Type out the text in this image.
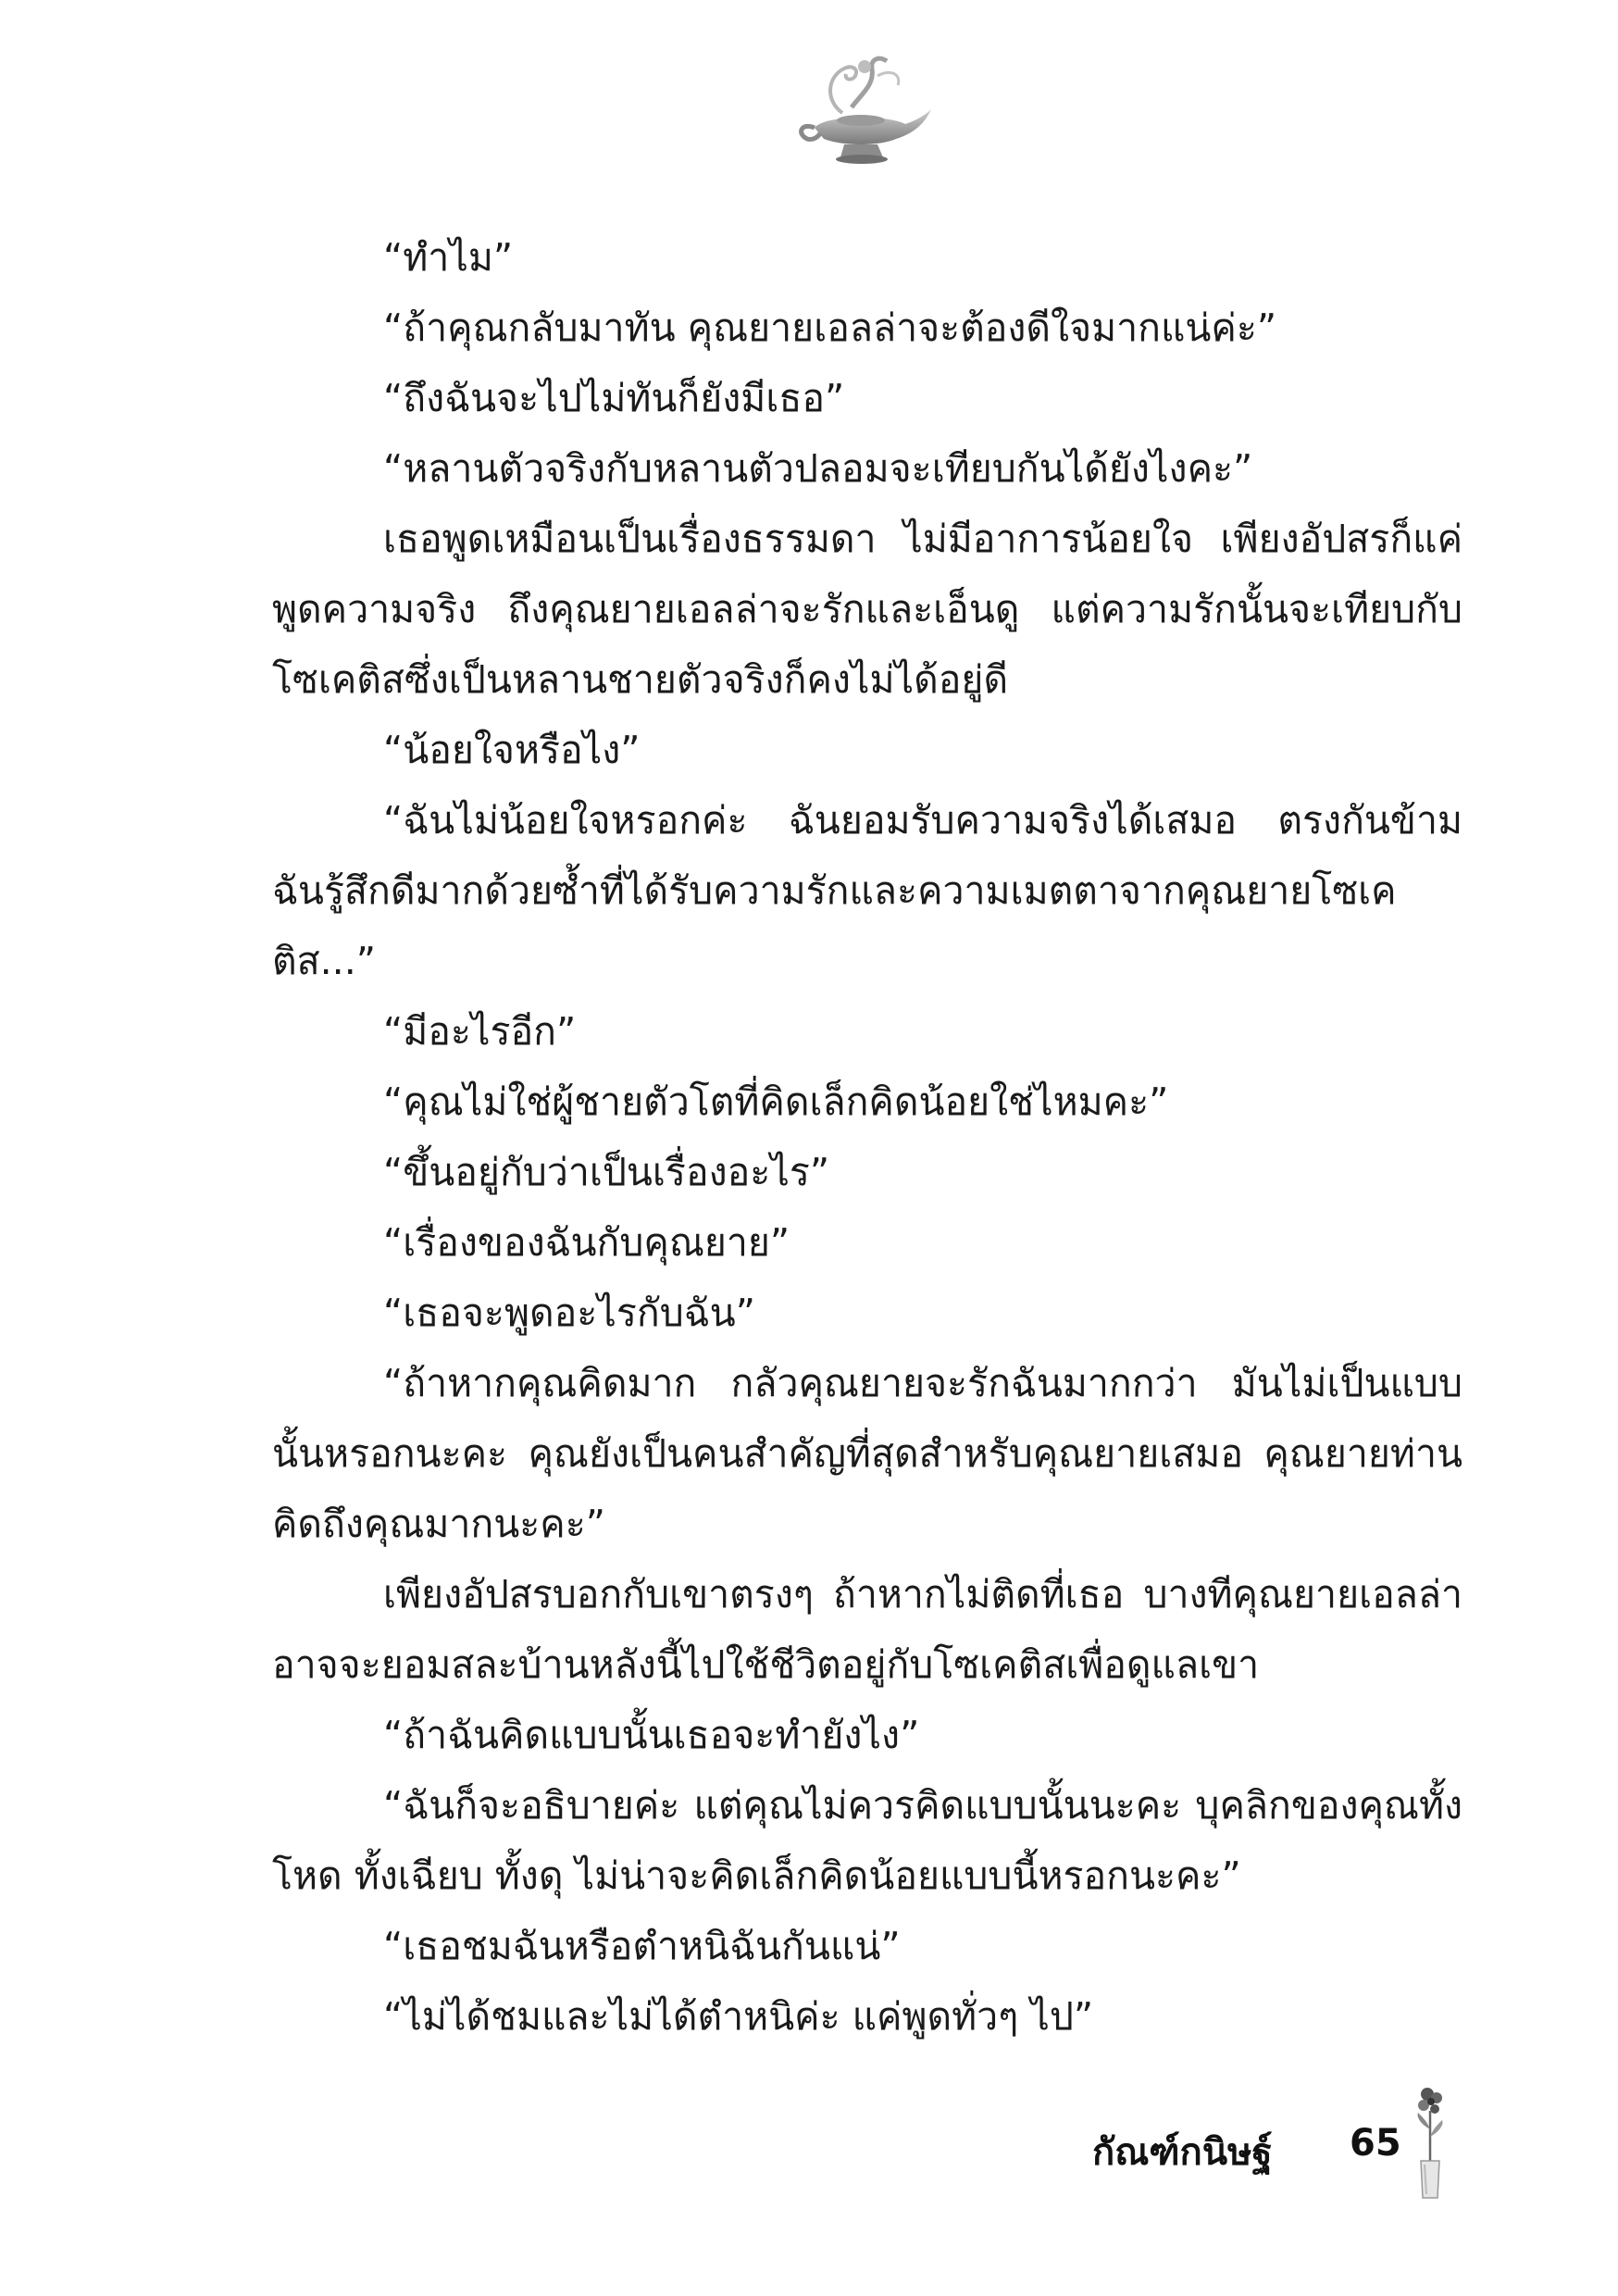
“ทำไม”

“ถ้าคุณกลับมาทัน คุณยายเอลล่าจะต้องดีใจมากแน่ค่ะ”

“ถึงฉันจะไปไม่ทันก็ยังมีเธอ”

“หลานตัวจริงกับหลานตัวปลอมจะเทียบกันได้ยังไงคะ”

เธอพูดเหมือนเป็นเรื่องธรรมดา ไม่มีอาการน้อยใจ เพียงอัปสรก็แค่พูดความจริง ถึงคุณยายเอลล่าจะรักและเอ็นดู แต่ความรักนั้นจะเทียบกับโซเคติสซึ่งเป็นหลานชายตัวจริงก็คงไม่ได้อยู่ดี

“น้อยใจหรือไง”

“ฉันไม่น้อยใจหรอกค่ะ ฉันยอมรับความจริงได้เสมอ ตรงกันข้าม ฉันรู้สึกดีมากด้วยซ้ำที่ได้รับความรักและความเมตตาจากคุณยายโซเคติส...”

“มีอะไรอีก”

“คุณไม่ใช่ผู้ชายตัวโตที่คิดเล็กคิดน้อยใช่ไหมคะ”

“ขึ้นอยู่กับว่าเป็นเรื่องอะไร”

“เรื่องของฉันกับคุณยาย”

“เธอจะพูดอะไรกับฉัน”

“ถ้าหากคุณคิดมาก กลัวคุณยายจะรักฉันมากกว่า มันไม่เป็นแบบนั้นหรอกนะคะ คุณยังเป็นคนสำคัญที่สุดสำหรับคุณยายเสมอ คุณยายท่านคิดถึงคุณมากนะคะ”

เพียงอัปสรบอกกับเขาตรงๆ ถ้าหากไม่ติดที่เธอ บางทีคุณยายเอลล่าอาจจะยอมสละบ้านหลังนี้ไปใช้ชีวิตอยู่กับโซเคติสเพื่อดูแลเขา

“ถ้าฉันคิดแบบนั้นเธอจะทำยังไง”

“ฉันก็จะอธิบายค่ะ แต่คุณไม่ควรคิดแบบนั้นนะคะ บุคลิกของคุณทั้งโหด ทั้งเฉียบ ทั้งดุ ไม่น่าจะคิดเล็กคิดน้อยแบบนี้หรอกนะคะ”

“เธอชมฉันหรือตำหนิฉันกันแน่”

“ไม่ได้ชมและไม่ได้ตำหนิค่ะ แค่พูดทั่วๆ ไป”

กัณฑ์กนิษฐ์ 65
